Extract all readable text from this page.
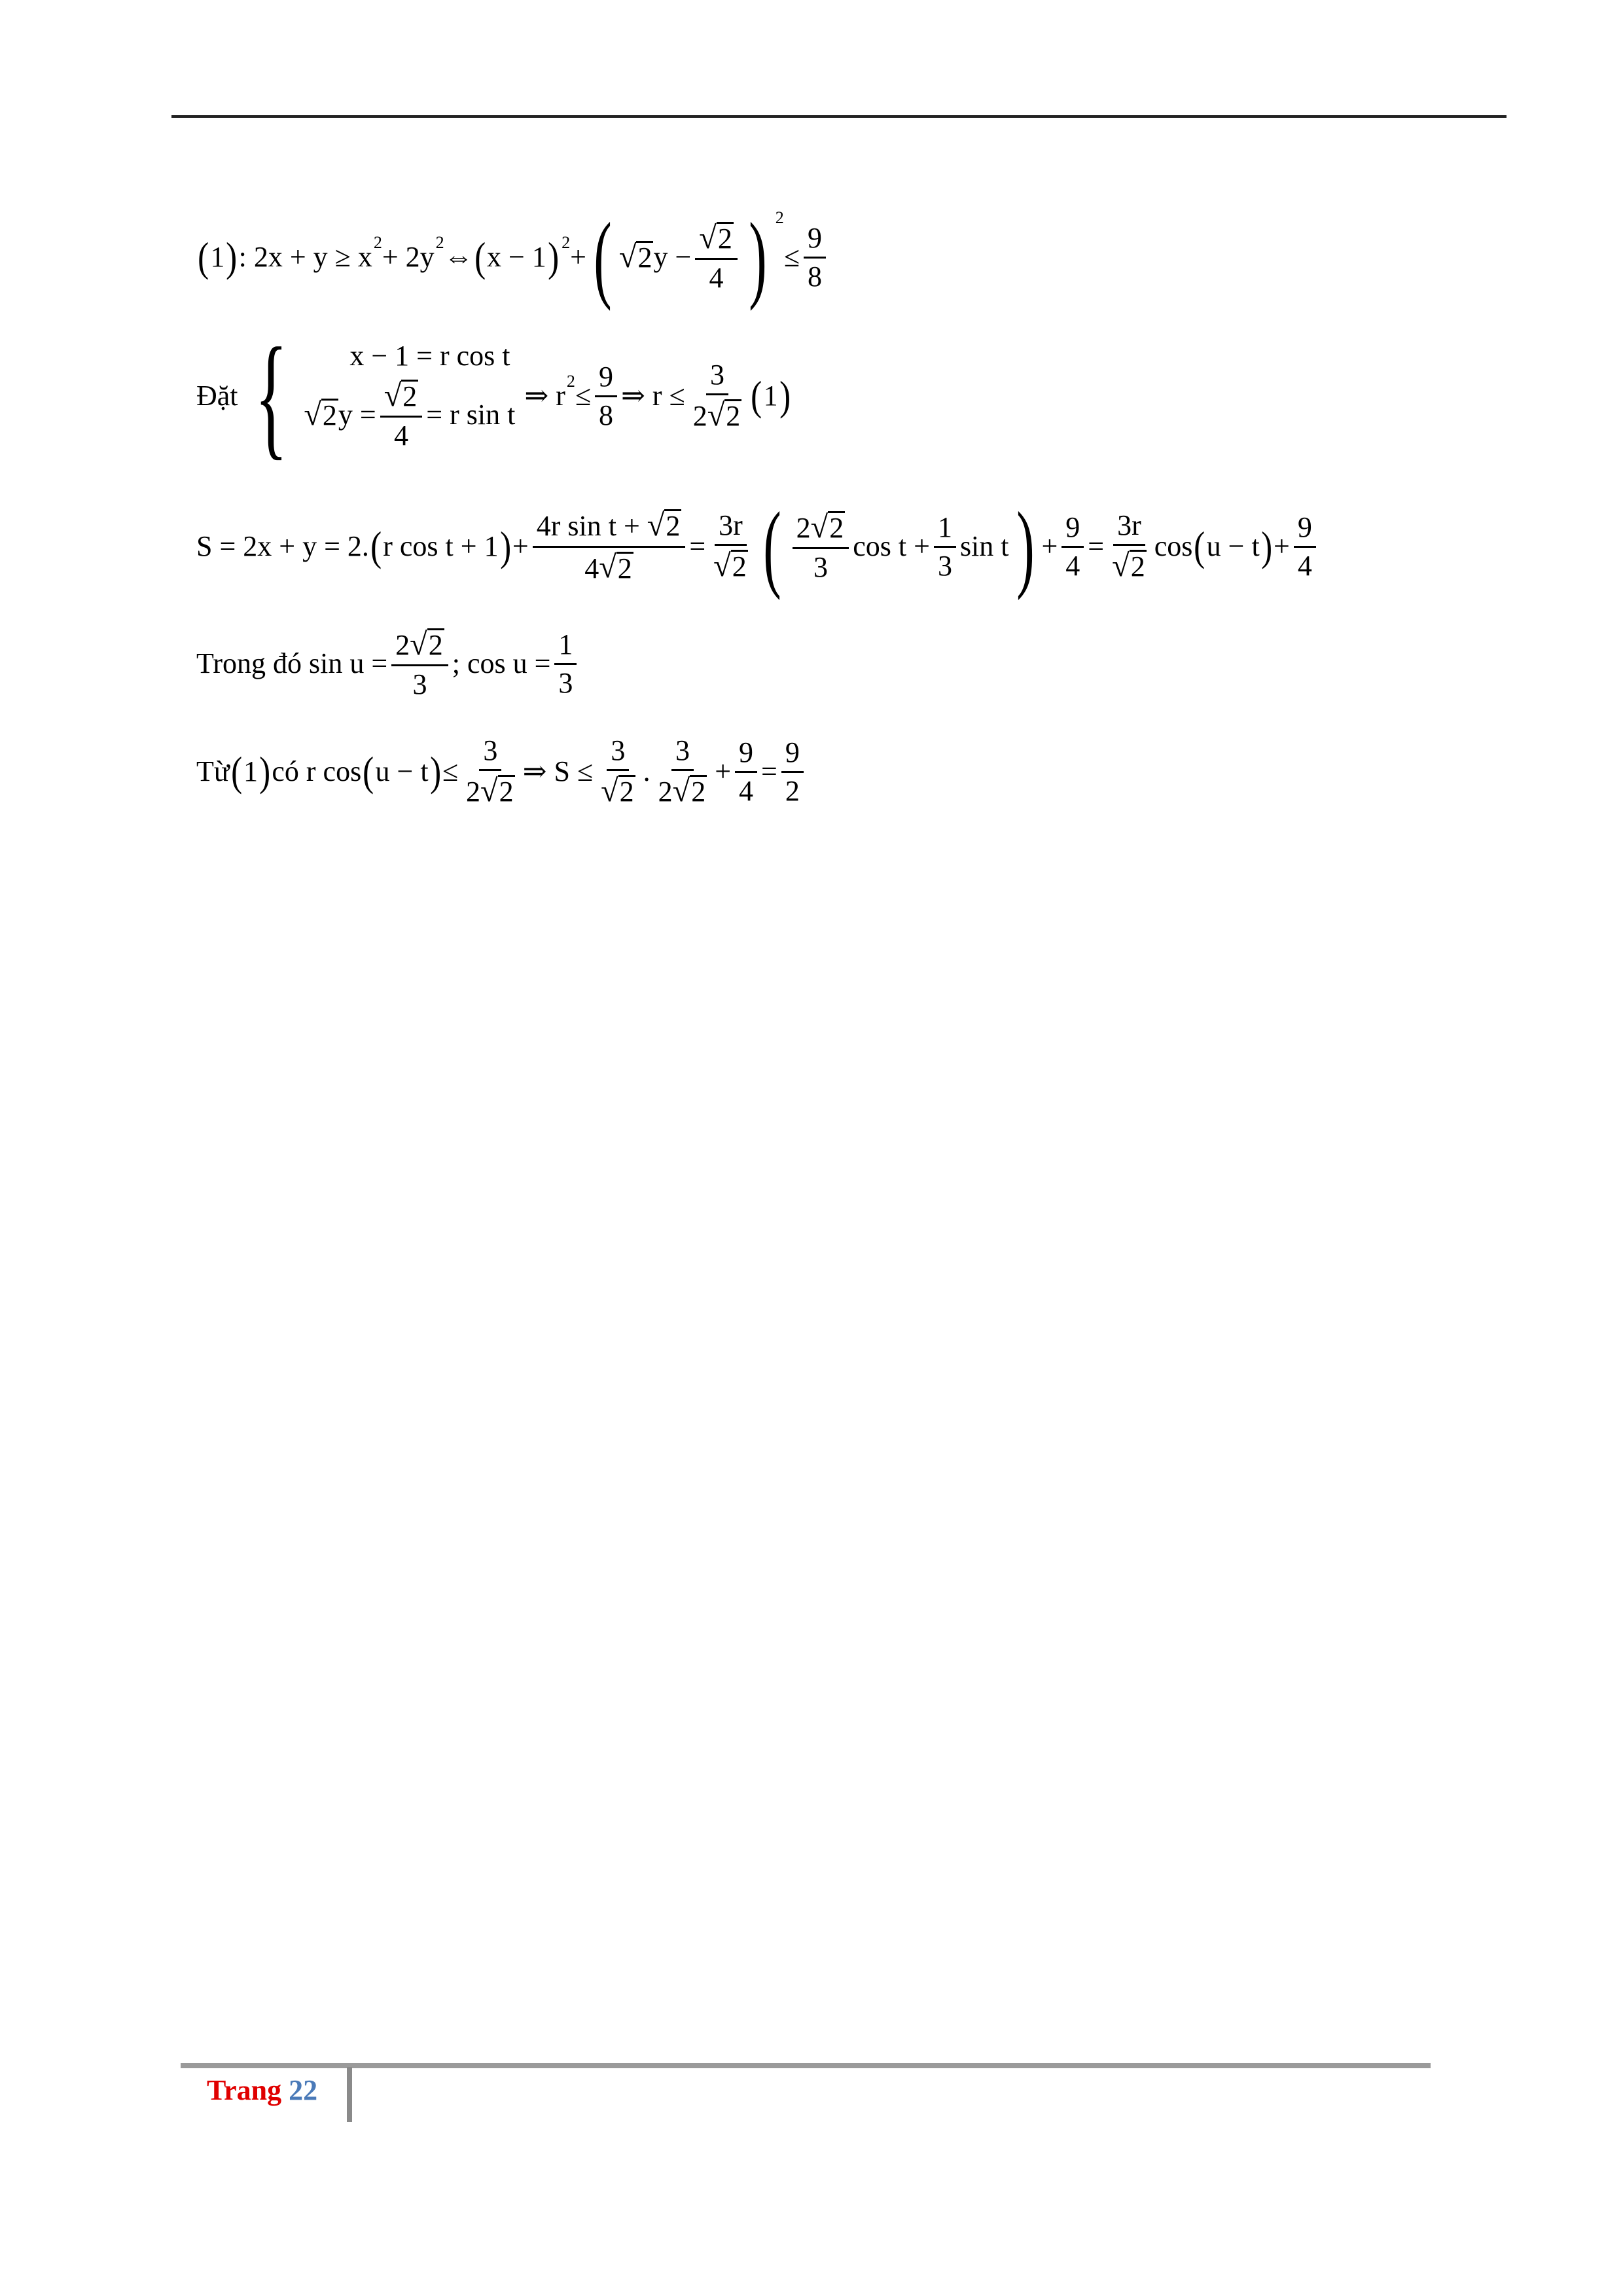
( 1 ) : 2x + y ≥ x 2 + 2y 2 ⇔ ( x − 1 ) 2 + ( √ 2 $y - \frac{√ 2}{4}$ ) 2
≤ $\frac{9}{8}$
Đặt {	x − 1 = r cos t
√ 2 $y = \frac{√ 2}{4} = r$ sin t
⇒ r $2 \le \frac{9}{8}$ ⇒ $r \le \frac{3}{2 √ 2}$ ( 1 )
S = 2x + y = 2. ( r cos t + 1 ) + $\frac{\text{4r sin t + √ 2}}{4 √ 2} = \frac{3r}{√ 2}$ ( $\frac{2 √ 2}{3}$ $\cos t + \frac{1}{3}$ sin t ) + $\frac{9}{4} = \frac{3r}{√ 2}$ cos ( u − t ) + $\frac{9}{4}$
Trong đó $\sin u = \frac{2 √ 2}{3}$ ; $\cos u = \frac{1}{3}$
Từ ( 1 ) có r cos ( u − t ) ≤ $\frac{3}{2 √ 2}$ ⇒ $S \le \frac{3}{√ 2}$ . $\frac{3}{2 √ 2} + \frac{9}{4} = \frac{9}{2}$
Trang 22
